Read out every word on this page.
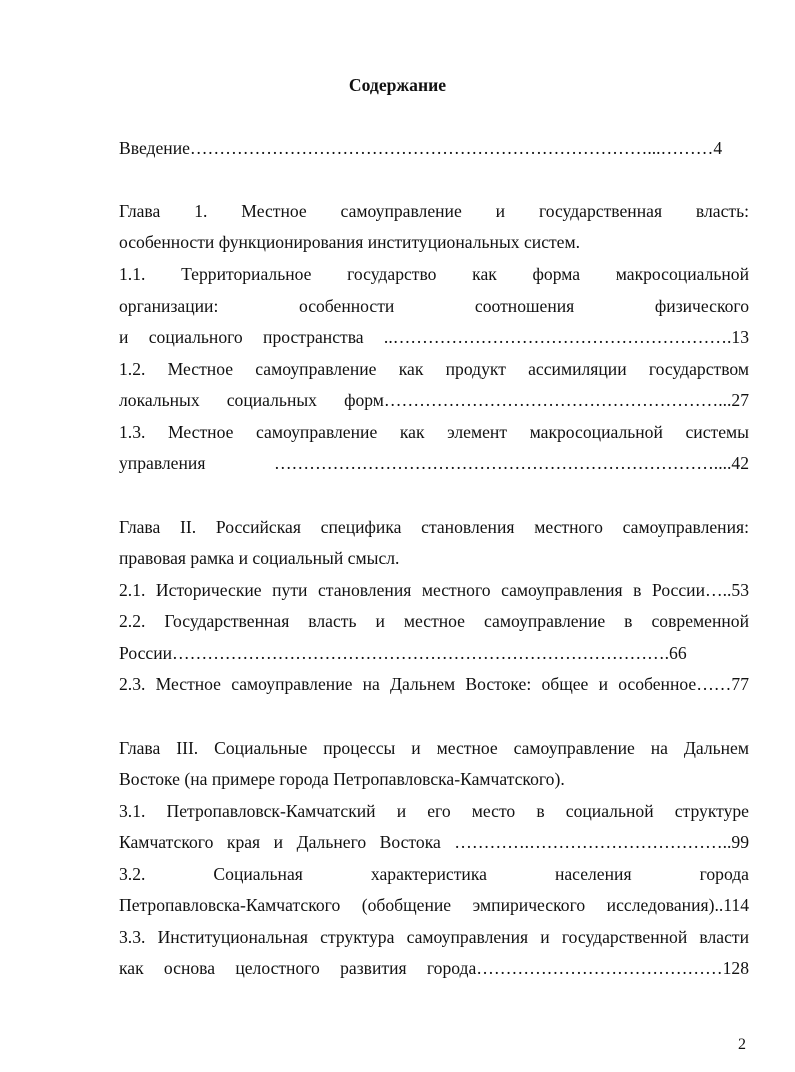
Содержание
Введение……………………………………………………………………...………4
Глава 1. Местное самоуправление и государственная власть:
особенности функционирования институциональных систем.
1.1. Территориальное государство как форма макросоциальной
организации: особенности соотношения физического
и социального пространства ..………………………………………………….13
1.2. Местное самоуправление как продукт ассимиляции государством
локальных социальных форм…………………………………………………...27
1.3. Местное самоуправление как элемент макросоциальной системы
управления …………………………………………………………………....42
Глава II. Российская специфика становления местного самоуправления:
правовая рамка и социальный смысл.
2.1. Исторические пути становления местного самоуправления в России…..53
2.2. Государственная власть и местное самоуправление в современной
России………………………………………………………………………….66
2.3. Местное самоуправление на Дальнем Востоке: общее и особенное……77
Глава III. Социальные процессы и местное самоуправление на Дальнем
Востоке (на примере города Петропавловска-Камчатского).
3.1. Петропавловск-Камчатский и его место в социальной структуре
Камчатского края и Дальнего Востока ………….……………………………..99
3.2. Социальная характеристика населения города
Петропавловска-Камчатского (обобщение эмпирического исследования)..114
3.3. Институциональная структура самоуправления и государственной власти
как основа целостного развития города……………………………………128
2
